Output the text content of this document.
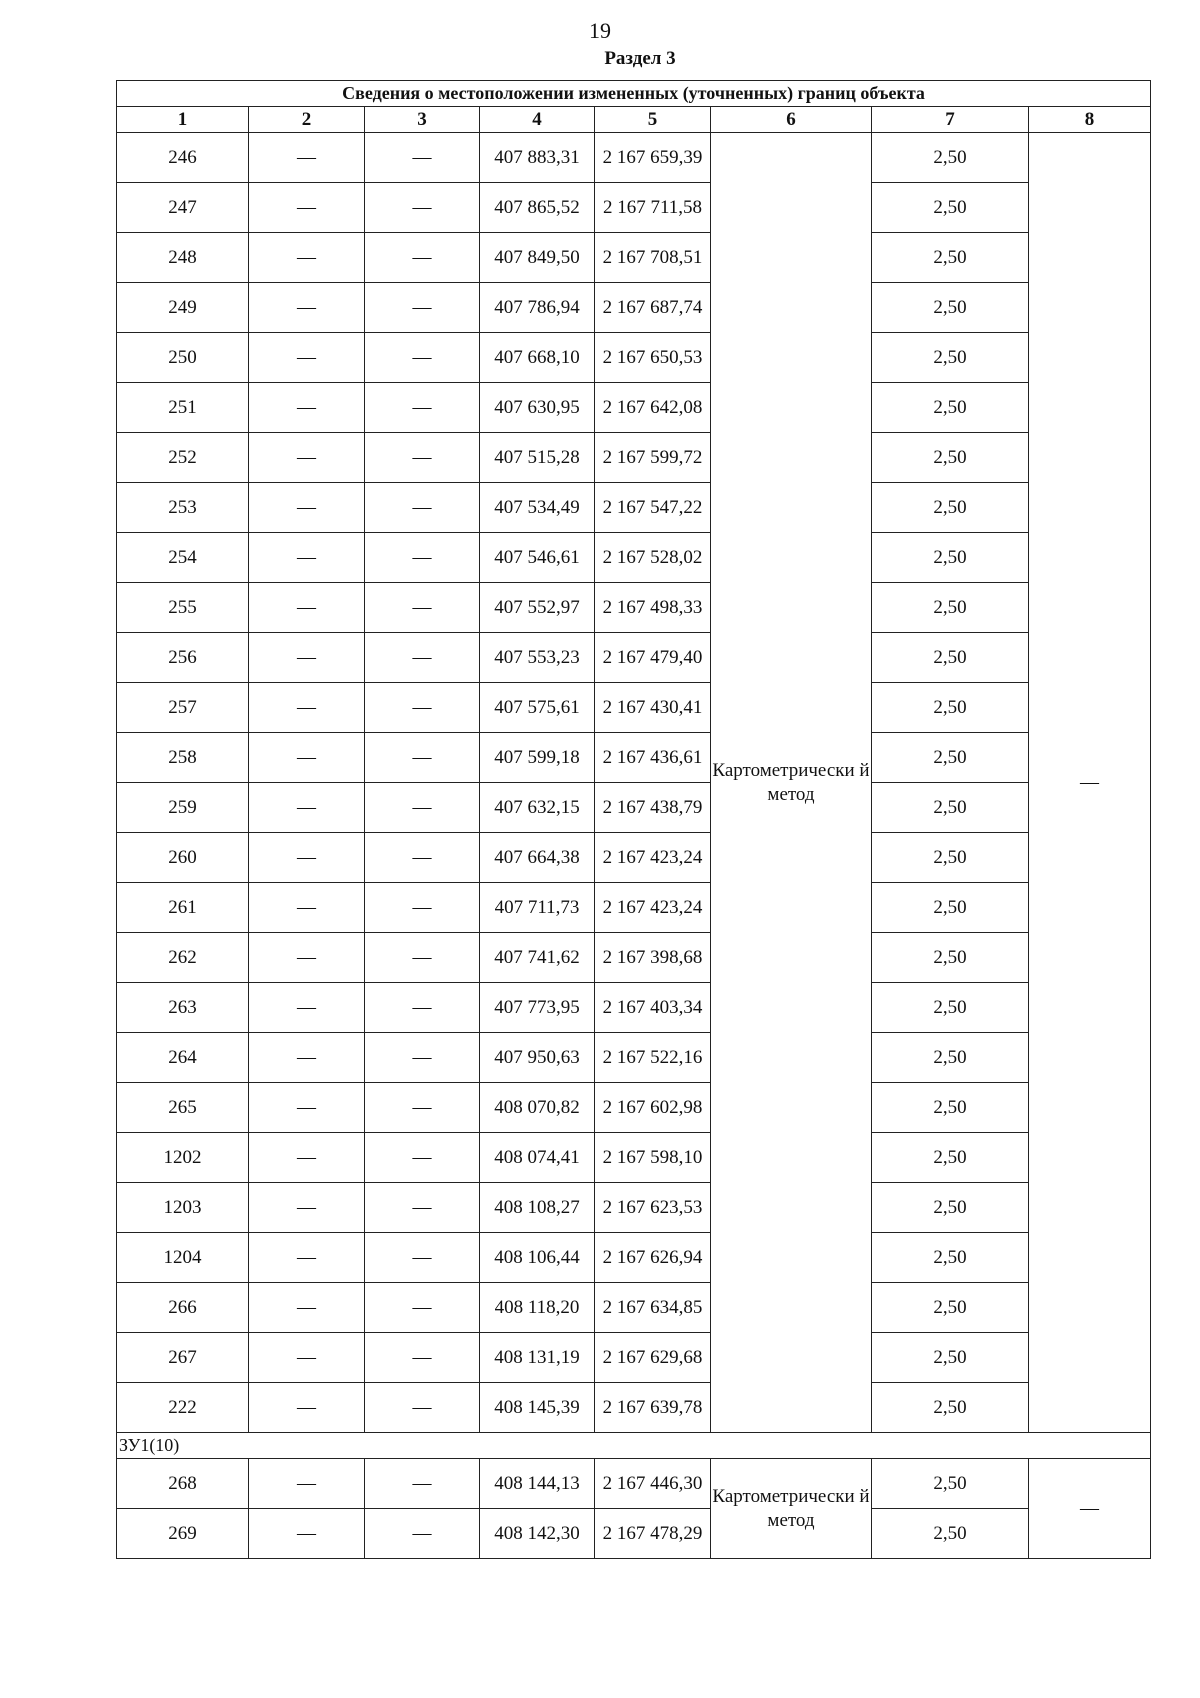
19
Раздел 3
Сведения о местоположении измененных (уточненных) границ объекта							
1	2	3	4	5	6	7	8
246	—	—	407 883,31	2 167 659,39	Картометрически й метод	2,50	—
247	—	—	407 865,52	2 167 711,58		2,50	
248	—	—	407 849,50	2 167 708,51		2,50	
249	—	—	407 786,94	2 167 687,74		2,50	
250	—	—	407 668,10	2 167 650,53		2,50	
251	—	—	407 630,95	2 167 642,08		2,50	
252	—	—	407 515,28	2 167 599,72		2,50	
253	—	—	407 534,49	2 167 547,22		2,50	
254	—	—	407 546,61	2 167 528,02		2,50	
255	—	—	407 552,97	2 167 498,33		2,50	
256	—	—	407 553,23	2 167 479,40		2,50	
257	—	—	407 575,61	2 167 430,41		2,50	
258	—	—	407 599,18	2 167 436,61		2,50	
259	—	—	407 632,15	2 167 438,79		2,50	
260	—	—	407 664,38	2 167 423,24		2,50	
261	—	—	407 711,73	2 167 423,24		2,50	
262	—	—	407 741,62	2 167 398,68		2,50	
263	—	—	407 773,95	2 167 403,34		2,50	
264	—	—	407 950,63	2 167 522,16		2,50	
265	—	—	408 070,82	2 167 602,98		2,50	
1202	—	—	408 074,41	2 167 598,10		2,50	
1203	—	—	408 108,27	2 167 623,53		2,50	
1204	—	—	408 106,44	2 167 626,94		2,50	
266	—	—	408 118,20	2 167 634,85		2,50	
267	—	—	408 131,19	2 167 629,68		2,50	
222	—	—	408 145,39	2 167 639,78		2,50	
ЗУ1(10)							
268	—	—	408 144,13	2 167 446,30	Картометрически й метод	2,50	—
269	—	—	408 142,30	2 167 478,29		2,50	
